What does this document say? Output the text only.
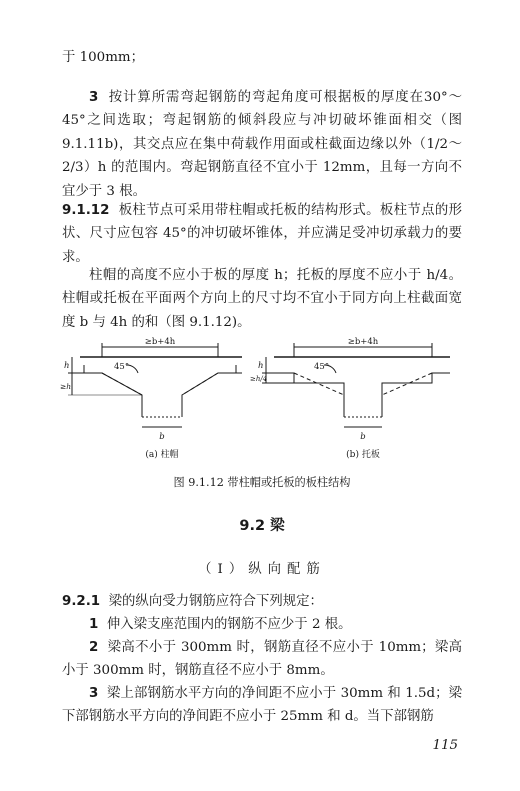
于 100mm；

3 按计算所需弯起钢筋的弯起角度可根据板的厚度在30°～45°之间选取；弯起钢筋的倾斜段应与冲切破坏锥面相交（图9.1.11b)，其交点应在集中荷载作用面或柱截面边缘以外（1/2～2/3）h 的范围内。弯起钢筋直径不宜小于 12mm，且每一方向不宜少于 3 根。

9.1.12 板柱节点可采用带柱帽或托板的结构形式。板柱节点的形状、尺寸应包容 45°的冲切破坏锥体，并应满足受冲切承载力的要求。

柱帽的高度不应小于板的厚度 h；托板的厚度不应小于 h/4。柱帽或托板在平面两个方向上的尺寸均不宜小于同方向上柱截面宽度 b 与 4h 的和（图 9.1.12)。

≥b+4h	≥b+4h
45°	45°
h
≥h
h
≥h/4
b	b
(a) 柱帽	(b) 托板
图 9.1.12 带柱帽或托板的板柱结构
9.2 梁
（Ⅰ）纵向配筋

9.2.1 梁的纵向受力钢筋应符合下列规定：

1 伸入梁支座范围内的钢筋不应少于 2 根。

2 梁高不小于 300mm 时，钢筋直径不应小于 10mm；梁高小于 300mm 时，钢筋直径不应小于 8mm。

3 梁上部钢筋水平方向的净间距不应小于 30mm 和 1.5d；梁下部钢筋水平方向的净间距不应小于 25mm 和 d。当下部钢筋

115
